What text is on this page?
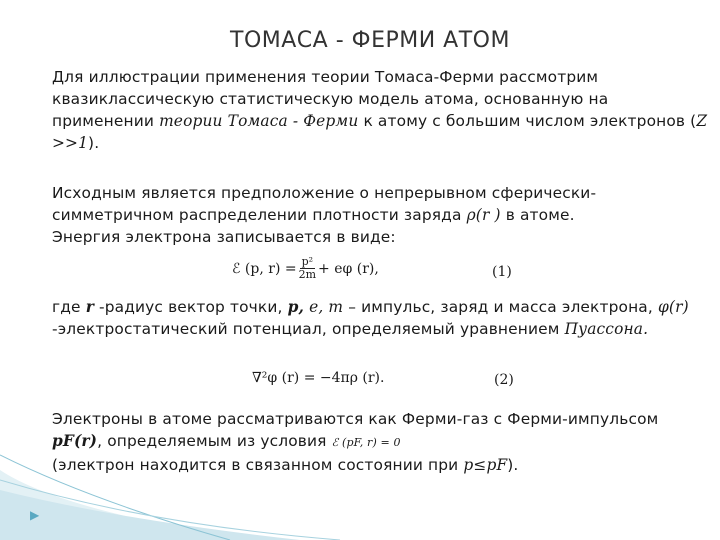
ТОМАСА - ФЕРМИ АТОМ
Для иллюстрации применения теории Томаса-Ферми рассмотрим квазиклассическую статистическую модель атома, основанную на применении теории Томаса - Ферми к атому с большим числом электронов (Z >>1).
Исходным является предположение о непрерывном сферически-симметричном распределении плотности заряда ρ(r ) в атоме.
Энергия электрона записывается в виде:
ℰ (p, $r) = \frac{\text{p²}}{2m} + e\varphi$ (r),	(1)
где r -радиус вектор точки, p, e, m – импульс, заряд и масса электрона, φ(r) -электростатический потенциал, определяемый уравнением Пуассона.
∇²φ (r) = −4πρ (r).	(2)
Электроны в атоме рассматриваются как Ферми-газ с Ферми-импульсом pF(r), определяемым из условия ℰ (pF, r) = 0
(электрон находится в связанном состоянии при p≤pF).
▶
